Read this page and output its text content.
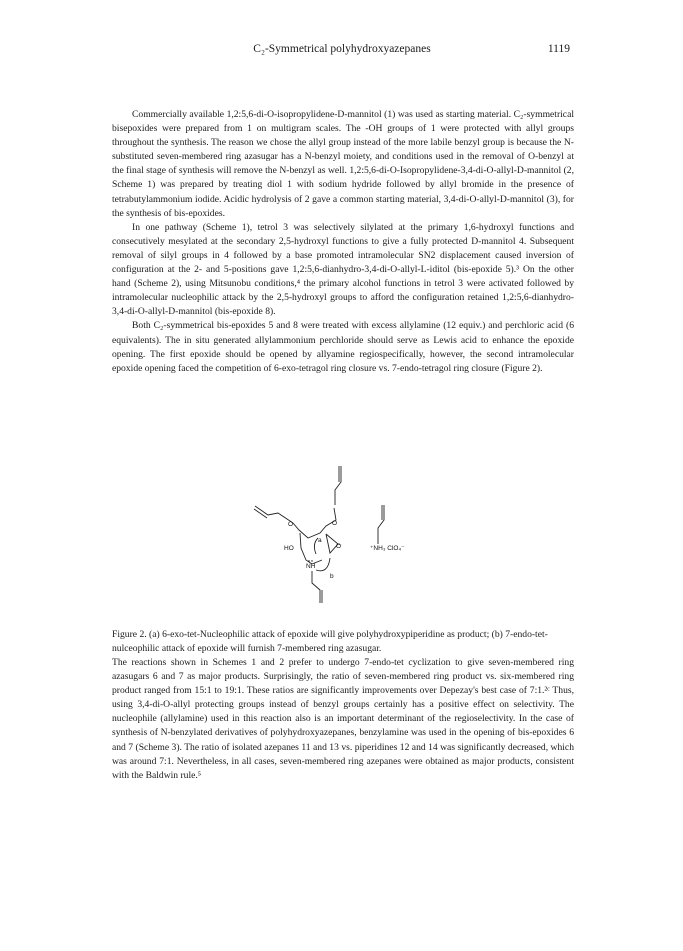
C₂-Symmetrical polyhydroxyazepanes	1119

Commercially available 1,2:5,6-di-O-isopropylidene-D-mannitol (1) was used as starting material. C₂-symmetrical bisepoxides were prepared from 1 on multigram scales. The -OH groups of 1 were protected with allyl groups throughout the synthesis. The reason we chose the allyl group instead of the more labile benzyl group is because the N-substituted seven-membered ring azasugar has a N-benzyl moiety, and conditions used in the removal of O-benzyl at the final stage of synthesis will remove the N-benzyl as well. 1,2:5,6-di-O-Isopropylidene-3,4-di-O-allyl-D-mannitol (2, Scheme 1) was prepared by treating diol 1 with sodium hydride followed by allyl bromide in the presence of tetrabutylammonium iodide. Acidic hydrolysis of 2 gave a common starting material, 3,4-di-O-allyl-D-mannitol (3), for the synthesis of bis-epoxides.

In one pathway (Scheme 1), tetrol 3 was selectively silylated at the primary 1,6-hydroxyl functions and consecutively mesylated at the secondary 2,5-hydroxyl functions to give a fully protected D-mannitol 4. Subsequent removal of silyl groups in 4 followed by a base promoted intramolecular SN2 displacement caused inversion of configuration at the 2- and 5-positions gave 1,2:5,6-dianhydro-3,4-di-O-allyl-L-iditol (bis-epoxide 5).³ On the other hand (Scheme 2), using Mitsunobu conditions,⁴ the primary alcohol functions in tetrol 3 were activated followed by intramolecular nucleophilic attack by the 2,5-hydroxyl groups to afford the configuration retained 1,2:5,6-dianhydro-3,4-di-O-allyl-D-mannitol (bis-epoxide 8).

Both C₂-symmetrical bis-epoxides 5 and 8 were treated with excess allylamine (12 equiv.) and perchloric acid (6 equivalents). The in situ generated allylammonium perchloride should serve as Lewis acid to enhance the epoxide opening. The first epoxide should be opened by allyamine regiospecifically, however, the second intramolecular epoxide opening faced the competition of 6-exo-tetragol ring closure vs. 7-endo-tetragol ring closure (Figure 2).

O	O
HO
a
O	⁺NH₃ ClO₄⁻
NH
b
Figure 2. (a) 6-exo-tet-Nucleophilic attack of epoxide will give polyhydroxypiperidine as product; (b) 7-endo-tet-nulceophilic attack of epoxide will furnish 7-membered ring azasugar.

The reactions shown in Schemes 1 and 2 prefer to undergo 7-endo-tet cyclization to give seven-membered ring azasugars 6 and 7 as major products. Surprisingly, the ratio of seven-membered ring product vs. six-membered ring product ranged from 15:1 to 19:1. These ratios are significantly improvements over Depezay's best case of 7:1.²ᶜ Thus, using 3,4-di-O-allyl protecting groups instead of benzyl groups certainly has a positive effect on selectivity. The nucleophile (allylamine) used in this reaction also is an important determinant of the regioselectivity. In the case of synthesis of N-benzylated derivatives of polyhydroxyazepanes, benzylamine was used in the opening of bis-epoxides 6 and 7 (Scheme 3). The ratio of isolated azepanes 11 and 13 vs. piperidines 12 and 14 was significantly decreased, which was around 7:1. Nevertheless, in all cases, seven-membered ring azepanes were obtained as major products, consistent with the Baldwin rule.⁵
